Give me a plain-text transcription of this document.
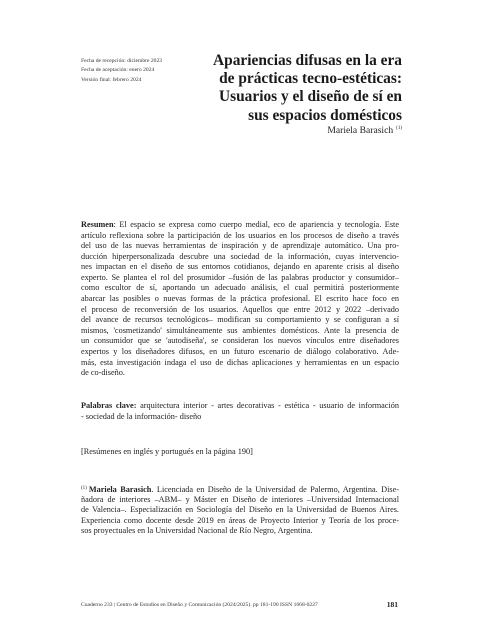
Fecha de recepción: diciembre 2023
Fecha de aceptación: enero 2024
Versión final: febrero 2024
Apariencias difusas en la era
de prácticas tecno-estéticas:
Usuarios y el diseño de sí en
sus espacios domésticos
Mariela Barasich $^{(1)}$
Resumen: El espacio se expresa como cuerpo medial, eco de apariencia y tecnología. Este
artículo reflexiona sobre la participación de los usuarios en los procesos de diseño a través
del uso de las nuevas herramientas de inspiración y de aprendizaje automático. Una pro-
ducción hiperpersonalizada descubre una sociedad de la información, cuyas intervencio-
nes impactan en el diseño de sus entornos cotidianos, dejando en aparente crisis al diseño
experto. Se plantea el rol del prosumidor –fusión de las palabras productor y consumidor–
como escultor de sí, aportando un adecuado análisis, el cual permitirá posteriormente
abarcar las posibles o nuevas formas de la práctica profesional. El escrito hace foco en
el proceso de reconversión de los usuarios. Aquellos que entre 2012 y 2022 –derivado
del avance de recursos tecnológicos– modifican su comportamiento y se configuran a sí
mismos, 'cosmetizando' simultáneamente sus ambientes domésticos. Ante la presencia de
un consumidor que se 'autodiseña', se consideran los nuevos vínculos entre diseñadores
expertos y los diseñadores difusos, en un futuro escenario de diálogo colaborativo. Ade-
más, esta investigación indaga el uso de dichas aplicaciones y herramientas en un espacio
de co-diseño.
Palabras clave: arquitectura interior - artes decorativas - estética - usuario de información
- sociedad de la información- diseño
[Resúmenes en inglés y portugués en la página 190]
$^{(1)}$ Mariela Barasich. Licenciada en Diseño de la Universidad de Palermo, Argentina. Dise-
ñadora de interiores –ABM– y Máster en Diseño de interiores –Universidad Internacional
de Valencia–. Especialización en Sociología del Diseño en la Universidad de Buenos Aires.
Experiencia como docente desde 2019 en áreas de Proyecto Interior y Teoría de los proce-
sos proyectuales en la Universidad Nacional de Río Negro, Argentina.
Cuaderno 233 | Centro de Estudios en Diseño y Comunicación (2024/2025). pp 181-190 ISSN 1668-0227	181
